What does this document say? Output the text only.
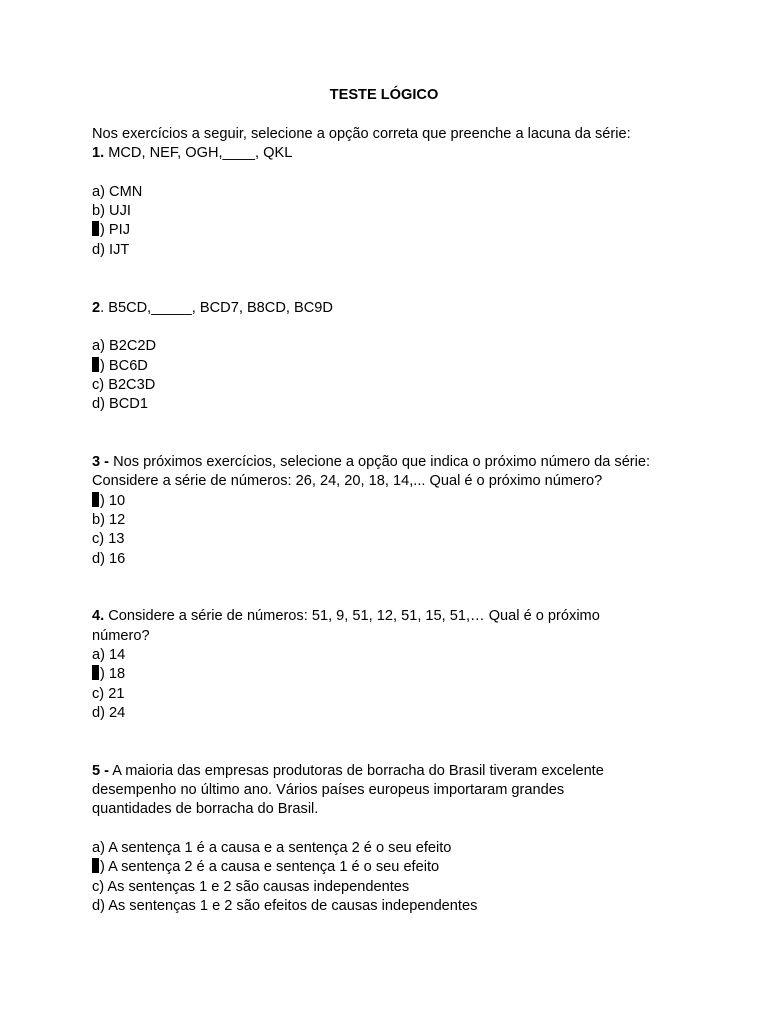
TESTE LÓGICO
Nos exercícios a seguir, selecione a opção correta que preenche a lacuna da série:
1. MCD, NEF, OGH,____, QKL
a) CMN
b) UJI
) PIJ
d) IJT
2. B5CD,_____, BCD7, B8CD, BC9D
a) B2C2D
) BC6D
c) B2C3D
d) BCD1
3 - Nos próximos exercícios, selecione a opção que indica o próximo número da série:
Considere a série de números: 26, 24, 20, 18, 14,... Qual é o próximo número?
) 10
b) 12
c) 13
d) 16
4. Considere a série de números: 51, 9, 51, 12, 51, 15, 51,… Qual é o próximo número?
a) 14
) 18
c) 21
d) 24
5 - A maioria das empresas produtoras de borracha do Brasil tiveram excelente desempenho no último ano. Vários países europeus importaram grandes quantidades de borracha do Brasil.
a) A sentença 1 é a causa e a sentença 2 é o seu efeito
) A sentença 2 é a causa e sentença 1 é o seu efeito
c) As sentenças 1 e 2 são causas independentes
d) As sentenças 1 e 2 são efeitos de causas independentes
